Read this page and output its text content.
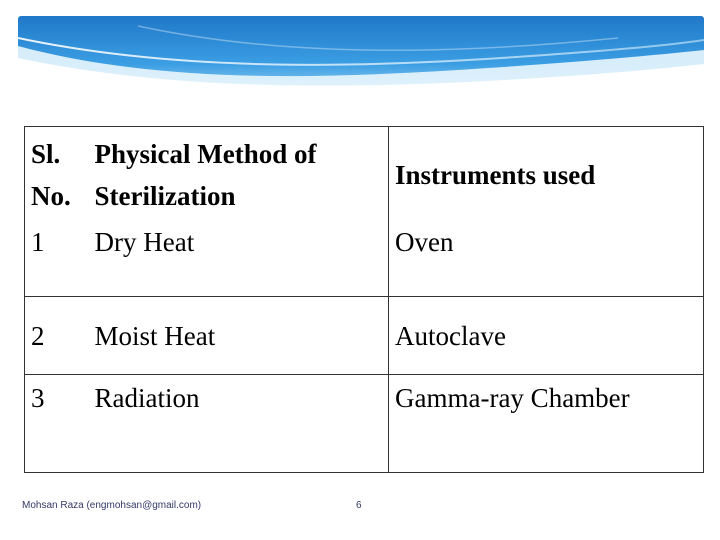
Sl. No.	Physical Method of Sterilization	Instruments used
1	Dry Heat	Oven
2	Moist Heat	Autoclave
3	Radiation	Gamma-ray Chamber
Mohsan Raza (engmohsan@gmail.com)	6
